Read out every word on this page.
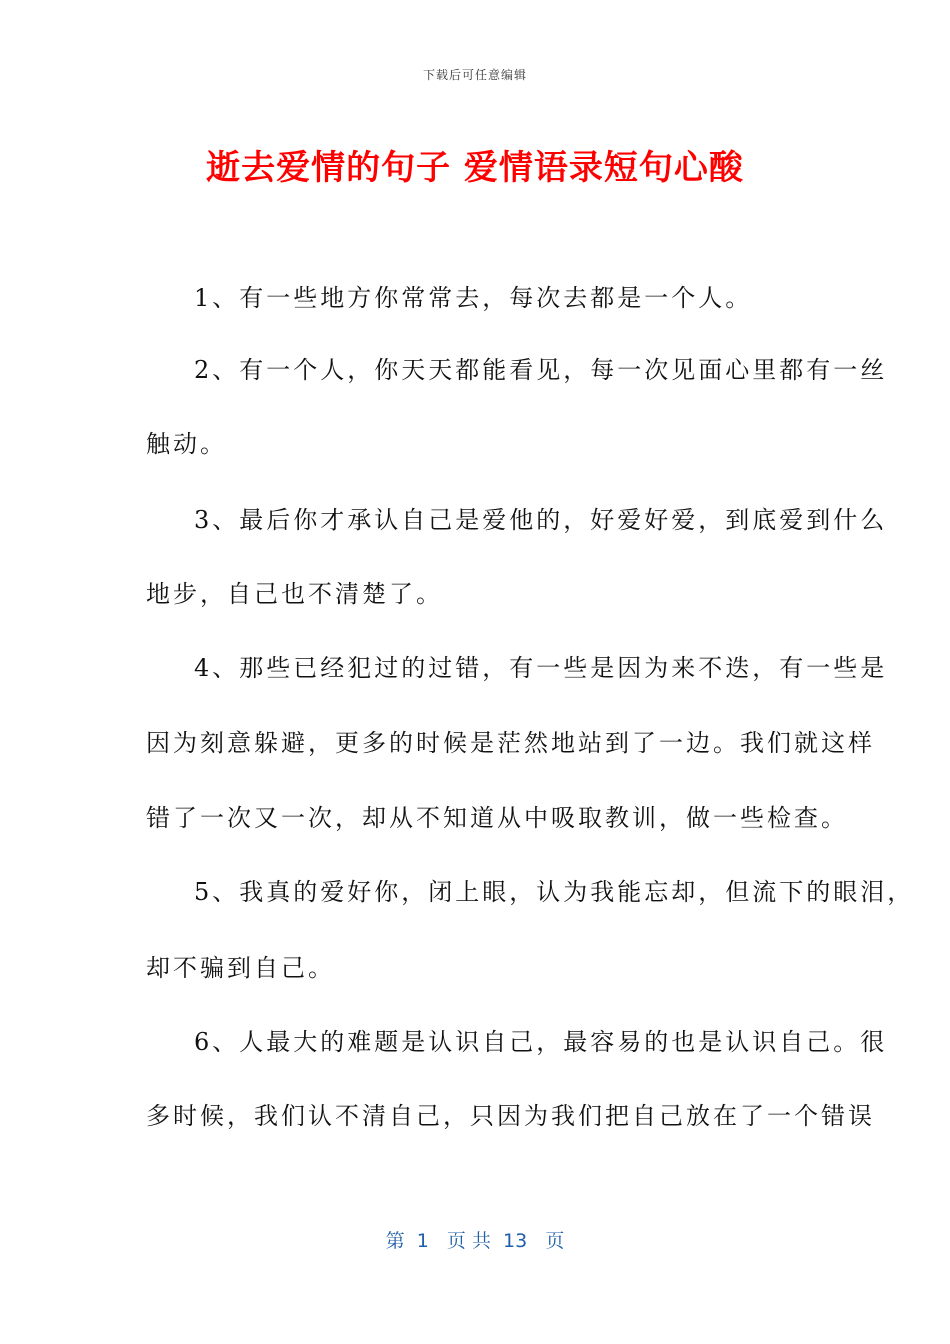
下载后可任意编辑
逝去爱情的句子 爱情语录短句心酸
1、有一些地方你常常去，每次去都是一个人。
2、有一个人，你天天都能看见，每一次见面心里都有一丝
触动。
3、最后你才承认自己是爱他的，好爱好爱，到底爱到什么
地步，自己也不清楚了。
4、那些已经犯过的过错，有一些是因为来不迭，有一些是
因为刻意躲避，更多的时候是茫然地站到了一边。我们就这样
错了一次又一次，却从不知道从中吸取教训，做一些检查。
5、我真的爱好你，闭上眼，认为我能忘却，但流下的眼泪，
却不骗到自己。
6、人最大的难题是认识自己，最容易的也是认识自己。很
多时候，我们认不清自己，只因为我们把自己放在了一个错误
第  1   页 共  13   页
